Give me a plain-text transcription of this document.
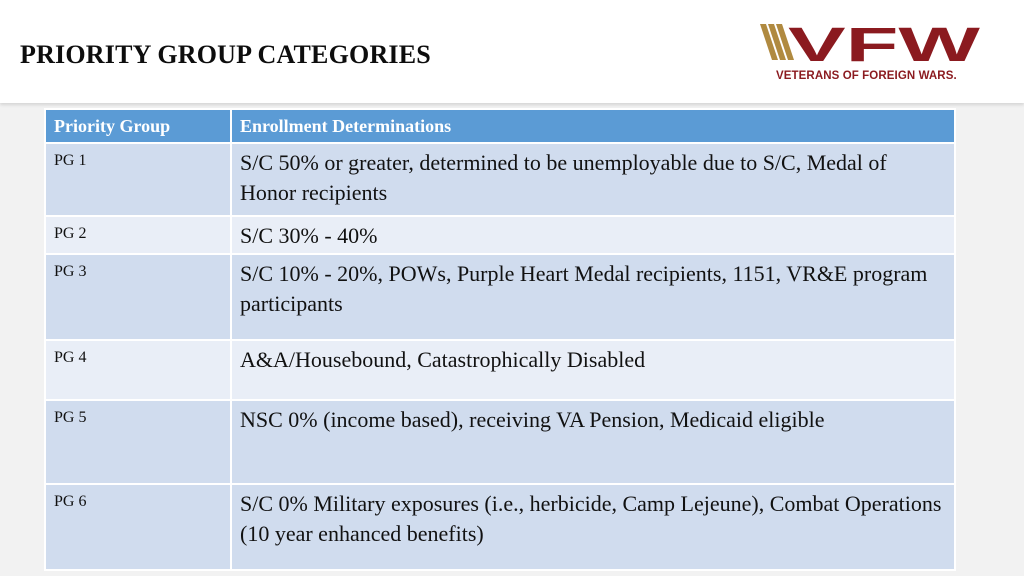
PRIORITY GROUP CATEGORIES	VFW
VETERANS OF FOREIGN WARS.
Priority Group	Enrollment Determinations
PG 1	S/C 50% or greater, determined to be unemployable due to S/C, Medal of Honor recipients
PG 2	S/C 30% - 40%
PG 3	S/C 10% - 20%, POWs, Purple Heart Medal recipients, 1151, VR&E program participants
PG 4	A&A/Housebound, Catastrophically Disabled
PG 5	NSC 0% (income based), receiving VA Pension, Medicaid eligible
PG 6	S/C 0% Military exposures (i.e., herbicide, Camp Lejeune), Combat Operations (10 year enhanced benefits)
